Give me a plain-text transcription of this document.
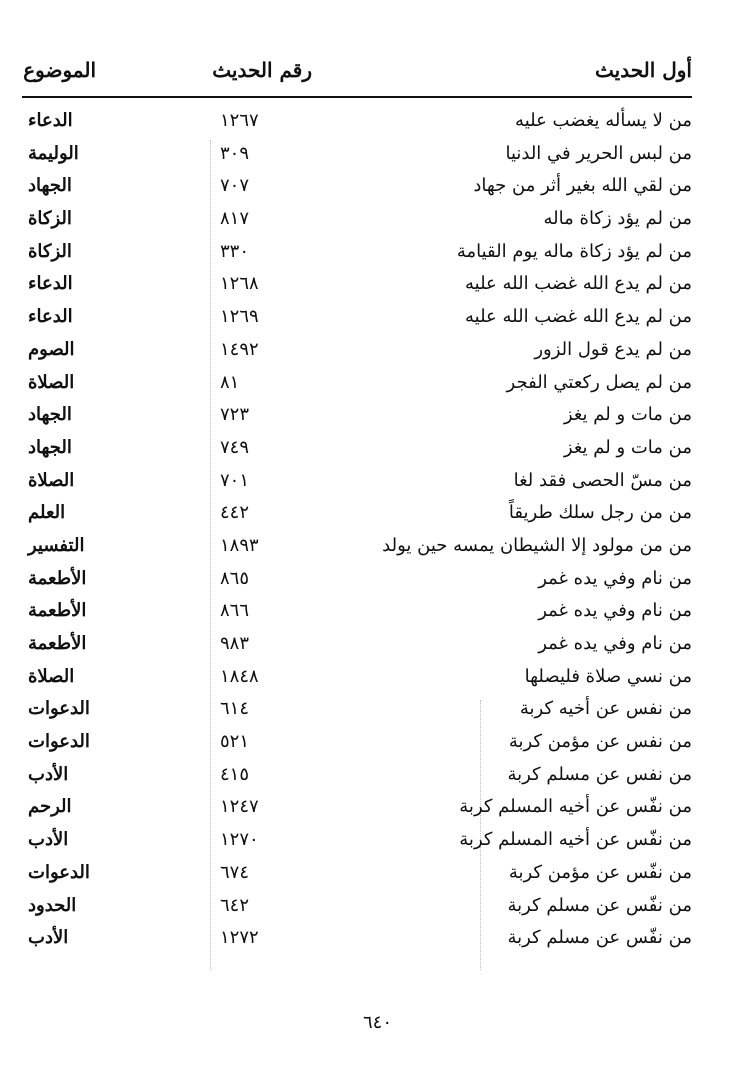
أول الحديث
رقم الحديث
الموضوع
من لا يسأله يغضب عليه
١٢٦٧
الدعاء
من لبس الحرير في الدنيا
٣٠٩
الوليمة
من لقي الله بغير أثر من جهاد
٧٠٧
الجهاد
من لم يؤد زكاة ماله
٨١٧
الزكاة
من لم يؤد زكاة ماله يوم القيامة
٣٣٠
الزكاة
من لم يدع الله غضب الله عليه
١٢٦٨
الدعاء
من لم يدع الله غضب الله عليه
١٢٦٩
الدعاء
من لم يدع قول الزور
١٤٩٢
الصوم
من لم يصل ركعتي الفجر
٨١
الصلاة
من مات و لم يغز
٧٢٣
الجهاد
من مات و لم يغز
٧٤٩
الجهاد
من مسّ الحصى فقد لغا
٧٠١
الصلاة
من من رجل سلك طريقاً
٤٤٢
العلم
من من مولود إلا الشيطان يمسه حين يولد
١٨٩٣
التفسير
من نام وفي يده غمر
٨٦٥
الأطعمة
من نام وفي يده غمر
٨٦٦
الأطعمة
من نام وفي يده غمر
٩٨٣
الأطعمة
من نسي صلاة فليصلها
١٨٤٨
الصلاة
من نفس عن أخيه كربة
٦١٤
الدعوات
من نفس عن مؤمن كربة
٥٢١
الدعوات
من نفس عن مسلم كربة
٤١٥
الأدب
من نفّس عن أخيه المسلم كربة
١٢٤٧
الرحم
من نفّس عن أخيه المسلم كربة
١٢٧٠
الأدب
من نفّس عن مؤمن كربة
٦٧٤
الدعوات
من نفّس عن مسلم كربة
٦٤٢
الحدود
من نفّس عن مسلم كربة
١٢٧٢
الأدب
٦٤٠
